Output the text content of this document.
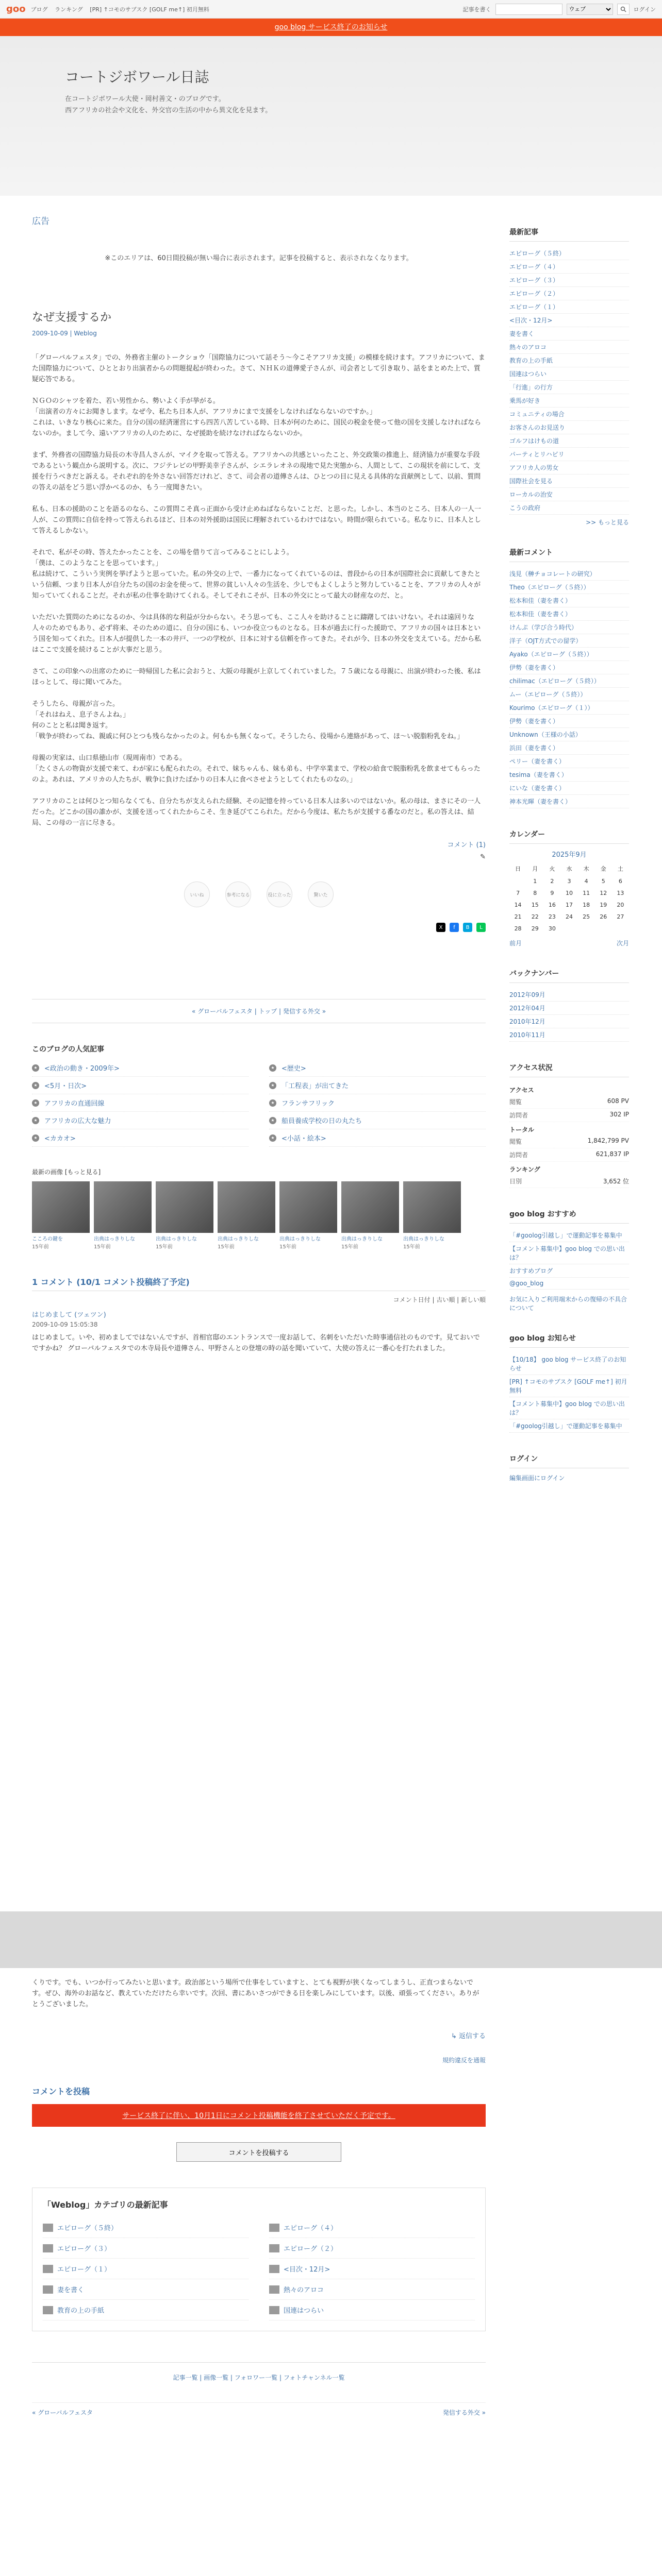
goo ブログ ランキング [PR] ↑コモのサブスク [GOLF me↑] 初月無料	記事を書く
ウェブ	ログイン
goo blog サービス終了のお知らせ
コートジボワール日誌
在コートジボワール大使・岡村善文・のブログです。
西アフリカの社会や文化を、外交官の生活の中から異文化を見ます。
広告
※このエリアは、60日間投稿が無い場合に表示されます。記事を投稿すると、表示されなくなります。
なぜ支援するか
2009-10-09 | Weblog

「グローバルフェスタ」での、外務省主催のトークショウ「国際協力について話そう〜今こそアフリカ支援」の模様を続けます。アフリカについて、また国際協力について、ひととおり出演者からの問題提起が終わった。さて、ＮＨＫの道傳愛子さんが、司会者として引き取り、話をまとめた上で、質疑応答である。

ＮＧＯのシャツを着た、若い男性から、勢いよく手が挙がる。
「出演者の方々にお聞きします。なぜ今、私たち日本人が、アフリカにまで支援をしなければならないのですか。」
これは、いきなり核心に来た。自分の国の経済運営にすら四苦八苦している時、日本が何のために、国民の税金を使って他の国を支援しなければならないのか。まして今、遠いアフリカの人のために、なぜ援助を続けなければならないのか。

まず、外務省の国際協力局長の木寺昌人さんが、マイクを取って答える。アフリカへの共感といったこと、外交政策の推進上、経済協力が重要な手段であるという観点から説明する。次に、フジテレビの甲野美幸子さんが、シエラレオネの現地で見た実態から、人間として、この現状を前にして、支援を行うべきだと訴える。それぞれ的を外さない回答だけれど、さて、司会者の道傳さんは、ひとつの目に見える具体的な貢献例として、以前、質問の答えの話をどう思い浮かべるのか、もう一度聞きたい。

私も、日本の援助のことを語るのなら、この質問こそ真っ正面から受け止めねばならないことだ、と思った。しかし、本当のところ、日本人の一人一人が、この質問に自信を持って答えられるほど、日本の対外援助は国民に理解されているわけではない。時間が限られている。私なりに、日本人として答えるしかない。

それで、私がその時、答えたかったことを、この場を借りて言ってみることにしよう。
「僕は、このようなことを思っています。」
私は続けて、こういう実例を挙げようと思っていた。私の外交の上で、一番力になってくれているのは、普段からの日本が国際社会に貢献してきたという信頼、つまり日本人が自分たちの国のお金を使って、世界の貧しい人々の生活を、少しでもよくしようと努力していることを、アフリカの人々が知っていてくれることだ。それが私の仕事を助けてくれる。そしてそれこそが、日本の外交にとって最大の財産なのだ、と。

いただいた質問のためになるのか、今は具体的な利益が分からない。そう思っても、ここ人々を助けることに躊躇してはいけない。それは遠回りな人々のためでもあり、必ず将来、そのための道に、自分の国にも、いつか役立つものとなる。日本が過去に行った援助で、アフリカの国々は日本という国を知ってくれた。日本人が提供した一本の井戸、一つの学校が、日本に対する信頼を作ってきた。それが今、日本の外交を支えている。だから私はここで支援を続けることが大事だと思う。

さて、この印象への出席のために一時帰国した私に会おうと、大阪の母親が上京してくれていました。７５歳になる母親に、出演が終わった後、私はほっとして、母に聞いてみた。

そうしたら、母親が言った。
「それはねえ、息子さんよね。」
何のことと私は聞き返す。
「戦争が終わってね、親戚に何ひとつも残らなかったのよ。何もかも無くなって。そうしたら、役場から連絡があって、ほ〜い脱脂粉乳をね。」

母親の実家は、山口県徳山市（現周南市）である。
「たくさんの物資が支援で来て、わが家にも配られたの。それで、妹ちゃんも、妹も弟も、中学卒業まで、学校の給食で脱脂粉乳を飲ませてもらったのよ。あれは、アメリカの人たちが、戦争に負けたばかりの日本人に食べさせようとしてくれたものなの。」

アフリカのことは何ひとつ知らなくても、自分たちが支えられた経験、その記憶を持っている日本人は多いのではないか。私の母は、まさにその一人だった。どこかの国の誰かが、支援を送ってくれたからこそ、生き延びてこられた。だから今度は、私たちが支援する番なのだと。私の答えは、結局、この母の一言に尽きる。

コメント (1)
✎
いいね	参考になる	役に立った	驚いた
X	f	B	L
« グローバルフェスタ | トップ | 発信する外交 »
このブログの人気記事
★ <政治の動き・2009年>	★ <歴史>
★ <5月・日次>	★ 「工程表」が出てきた
★ アフリカの直通回線	★ フランサフリック
★ アフリカの広大な魅力	★ 船員養成学校の日の丸たち
★ <カカオ>	★ <小話・絵本>
最新の画像 [もっと見る]
こころの鍵を
15年前
出典はっきりしな
15年前
出典はっきりしな
15年前
出典はっきりしな
15年前
出典はっきりしな
15年前
出典はっきりしな
15年前
出典はっきりしな
15年前
1 コメント (10/1 コメント投稿終了予定)
コメント日付 | 古い順 | 新しい順
はじめまして (ツェツン)
2009-10-09 15:05:38
はじめまして。いや、初めましてではないんですが、首相官邸のエントランスで一度お話して、名刺をいただいた時事通信社のものです。見ておいでですかね？ グローバルフェスタでの木寺局長や道傳さん、甲野さんとの登壇の時の話を聞いていて、大使の答えに一番心を打たれました。
くりです。でも、いつか行ってみたいと思います。政治部という場所で仕事をしていますと、とても視野が狭くなってしまうし、正直つまらないです。ぜひ、海外のお話など、教えていただけたら幸いです。次回、書にあいさつができる日を楽しみにしています。以後、頑張ってください。ありがとうございました。
↳ 返信する
規約違反を通報
コメントを投稿
サービス終了に伴い、10月1日にコメント投稿機能を終了させていただく予定です。
コメントを投稿する
「Weblog」カテゴリの最新記事
エピローグ（５終）	エピローグ（４）
エピローグ（３）	エピローグ（２）
エピローグ（１）	<目次・12月>
妻を書く	熱々のアロコ
教育の上の手紙	国連はつらい
記事一覧 | 画像一覧 | フォロワー一覧 | フォトチャンネル一覧
« グローバルフェスタ	発信する外交 »
最新記事
エピローグ（５終）
エピローグ（４）
エピローグ（３）
エピローグ（２）
エピローグ（１）
<目次・12月>
妻を書く
熱々のアロコ
教育の上の手紙
国連はつらい
「行進」の行方
乗馬が好き
コミュニティの場合
お客さんのお見送り
ゴルフはけもの道
パーティとリハビリ
アフリカ人の男女
国際社会を見る
ローカルの治安
こうの政府
>> もっと見る
最新コメント
浅見（榊チョコレートの研究）
Theo（エピローグ（５終））
松本和佳（妻を書く）
松本和佳（妻を書く）
けんぷ（学び合う時代）
洋子（OJT方式での留学）
Ayako（エピローグ（５終））
伊勢（妻を書く）
chilimac（エピローグ（５終））
ムー（エピローグ（５終））
Kourimo（エピローグ（１））
伊勢（妻を書く）
Unknown（王様の小話）
浜田（妻を書く）
ペリー（妻を書く）
tesima（妻を書く）
にいな（妻を書く）
神本光暉（妻を書く）
カレンダー
2025年9月
日	月	火	水	木	金	土
	1	2	3	4	5	6
7	8	9	10	11	12	13
14	15	16	17	18	19	20
21	22	23	24	25	26	27
28	29	30				
前月	次月
バックナンバー
2012年09月
2012年04月
2010年12月
2010年11月
アクセス状況
アクセス
閲覧	608 PV
訪問者	302 IP
トータル
閲覧	1,842,799 PV
訪問者	621,837 IP
ランキング
日別	3,652 位
goo blog おすすめ
「#goolog引越し」で運動記事を募集中
【コメント募集中】goo blog での思い出は？
おすすめブログ
@goo_blog
お気に入りご利用端末からの復帰の不具合について
goo blog お知らせ
【10/18】 goo blog サービス終了のお知らせ
[PR] ↑コモのサブスク [GOLF me↑] 初月無料
【コメント募集中】goo blog での思い出は？
「#goolog引越し」で運動記事を募集中
ログイン
編集画面にログイン
